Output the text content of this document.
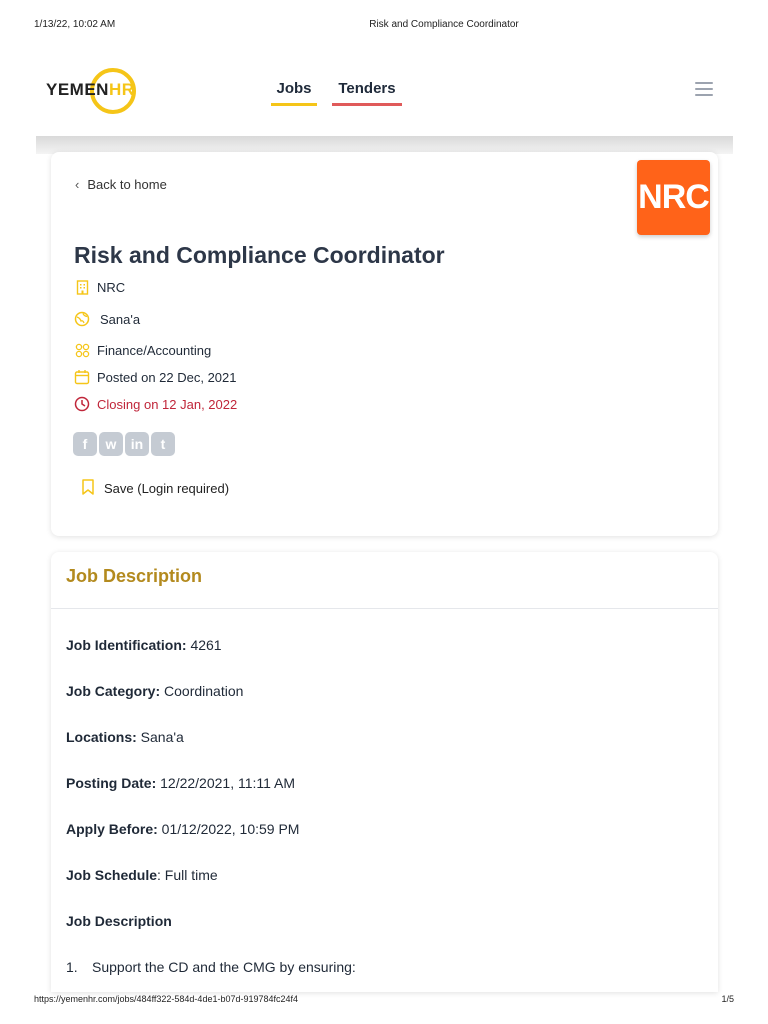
1/13/22, 10:02 AM	Risk and Compliance Coordinator
YEMENHR	Jobs	Tenders
‹ Back to home	NRC
Risk and Compliance Coordinator
NRC
Sana'a
Finance/Accounting
Posted on 22 Dec, 2021
Closing on 12 Jan, 2022
f	w	in	t
Save (Login required)
Job Description
Job Identification: 4261
Job Category: Coordination
Locations: Sana'a
Posting Date: 12/22/2021, 11:11 AM
Apply Before: 01/12/2022, 10:59 PM
Job Schedule: Full time
Job Description
1. Support the CD and the CMG by ensuring:
https://yemenhr.com/jobs/484ff322-584d-4de1-b07d-919784fc24f4	1/5
